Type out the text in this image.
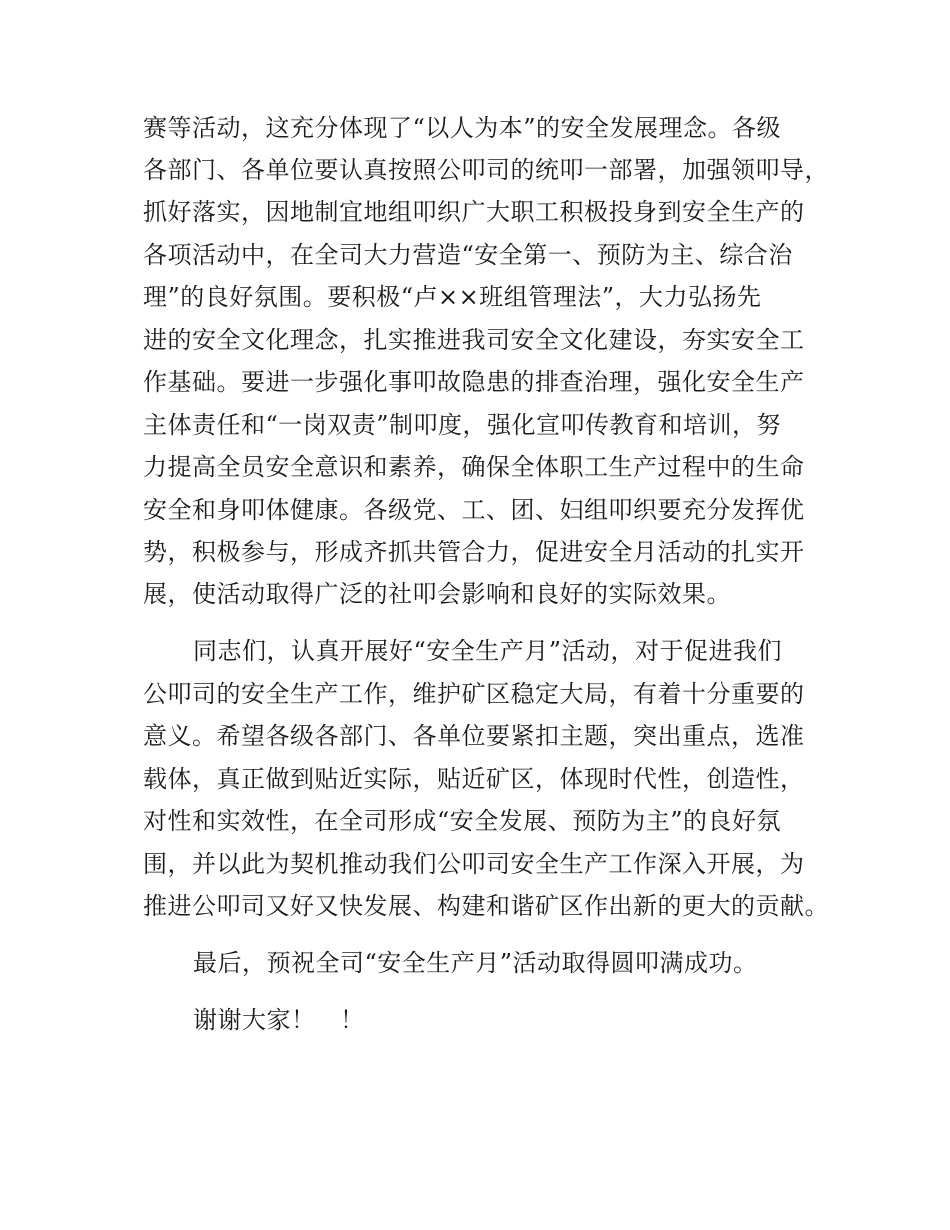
赛等活动，这充分体现了“以人为本”的安全发展理念。各级
各部门、各单位要认真按照公叩司的统叩一部署，加强领叩导，
抓好落实，因地制宜地组叩织广大职工积极投身到安全生产的
各项活动中，在全司大力营造“安全第一、预防为主、综合治
理”的良好氛围。要积极“卢××班组管理法”，大力弘扬先
进的安全文化理念，扎实推进我司安全文化建设，夯实安全工
作基础。要进一步强化事叩故隐患的排查治理，强化安全生产
主体责任和“一岗双责”制叩度，强化宣叩传教育和培训，努
力提高全员安全意识和素养，确保全体职工生产过程中的生命
安全和身叩体健康。各级党、工、团、妇组叩织要充分发挥优
势，积极参与，形成齐抓共管合力，促进安全月活动的扎实开
展，使活动取得广泛的社叩会影响和良好的实际效果。
同志们，认真开展好“安全生产月”活动，对于促进我们
公叩司的安全生产工作，维护矿区稳定大局，有着十分重要的
意义。希望各级各部门、各单位要紧扣主题，突出重点，选准
载体，真正做到贴近实际，贴近矿区，体现时代性，创造性，
对性和实效性，在全司形成“安全发展、预防为主”的良好氛
围，并以此为契机推动我们公叩司安全生产工作深入开展，为
推进公叩司又好又快发展、构建和谐矿区作出新的更大的贡献。
最后，预祝全司“安全生产月”活动取得圆叩满成功。
谢谢大家！　！
